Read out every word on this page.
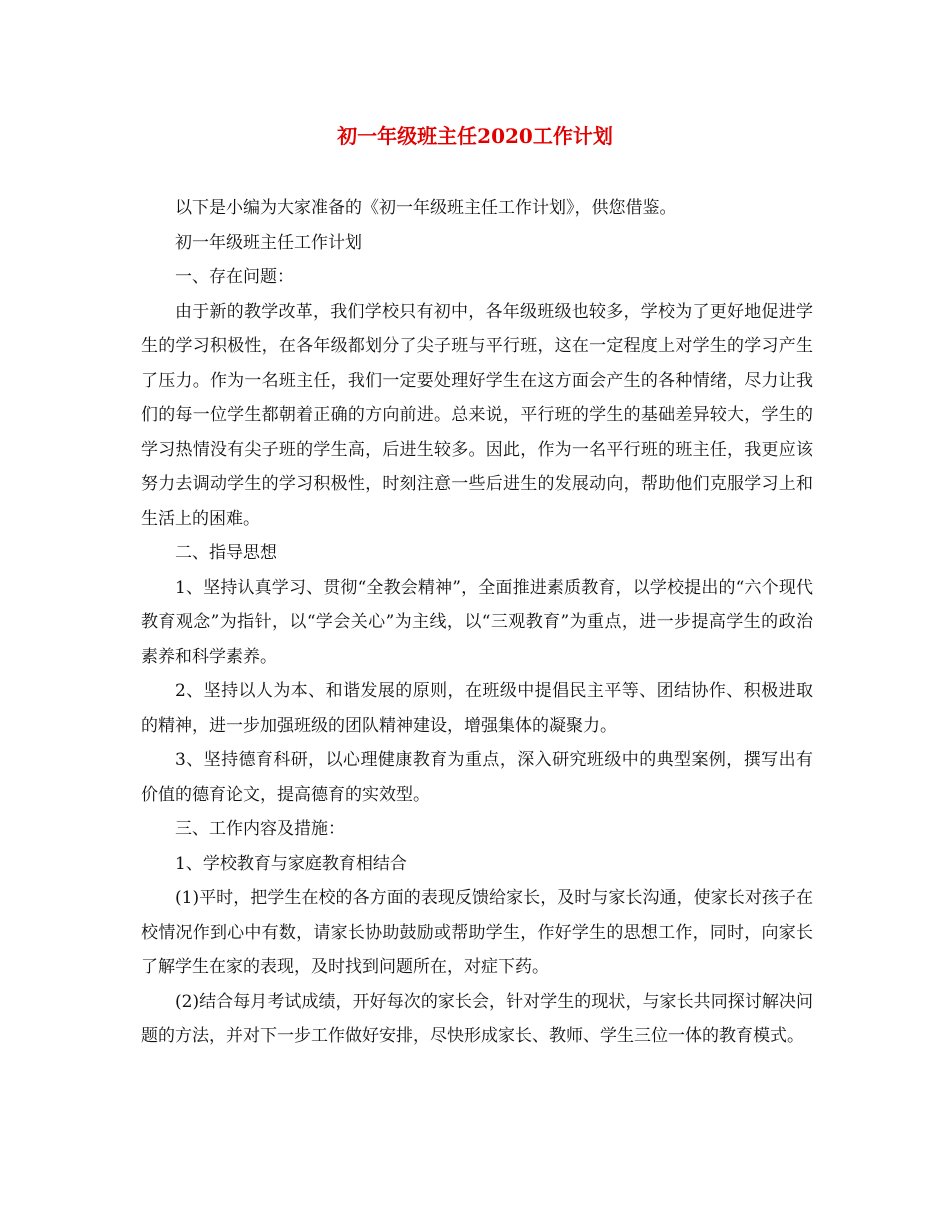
初一年级班主任2020工作计划

以下是小编为大家准备的《初一年级班主任工作计划》，供您借鉴。

初一年级班主任工作计划

一、存在问题：

由于新的教学改革，我们学校只有初中，各年级班级也较多，学校为了更好地促进学生的学习积极性，在各年级都划分了尖子班与平行班，这在一定程度上对学生的学习产生了压力。作为一名班主任，我们一定要处理好学生在这方面会产生的各种情绪，尽力让我们的每一位学生都朝着正确的方向前进。总来说，平行班的学生的基础差异较大，学生的学习热情没有尖子班的学生高，后进生较多。因此，作为一名平行班的班主任，我更应该努力去调动学生的学习积极性，时刻注意一些后进生的发展动向，帮助他们克服学习上和生活上的困难。

二、指导思想

1、坚持认真学习、贯彻“全教会精神”，全面推进素质教育，以学校提出的“六个现代教育观念”为指针，以“学会关心”为主线，以“三观教育”为重点，进一步提高学生的政治素养和科学素养。

2、坚持以人为本、和谐发展的原则，在班级中提倡民主平等、团结协作、积极进取的精神，进一步加强班级的团队精神建设，增强集体的凝聚力。

3、坚持德育科研，以心理健康教育为重点，深入研究班级中的典型案例，撰写出有价值的德育论文，提高德育的实效型。

三、工作内容及措施：

1、学校教育与家庭教育相结合

(1)平时，把学生在校的各方面的表现反馈给家长，及时与家长沟通，使家长对孩子在校情况作到心中有数，请家长协助鼓励或帮助学生，作好学生的思想工作，同时，向家长了解学生在家的表现，及时找到问题所在，对症下药。

(2)结合每月考试成绩，开好每次的家长会，针对学生的现状，与家长共同探讨解决问题的方法，并对下一步工作做好安排，尽快形成家长、教师、学生三位一体的教育模式。
